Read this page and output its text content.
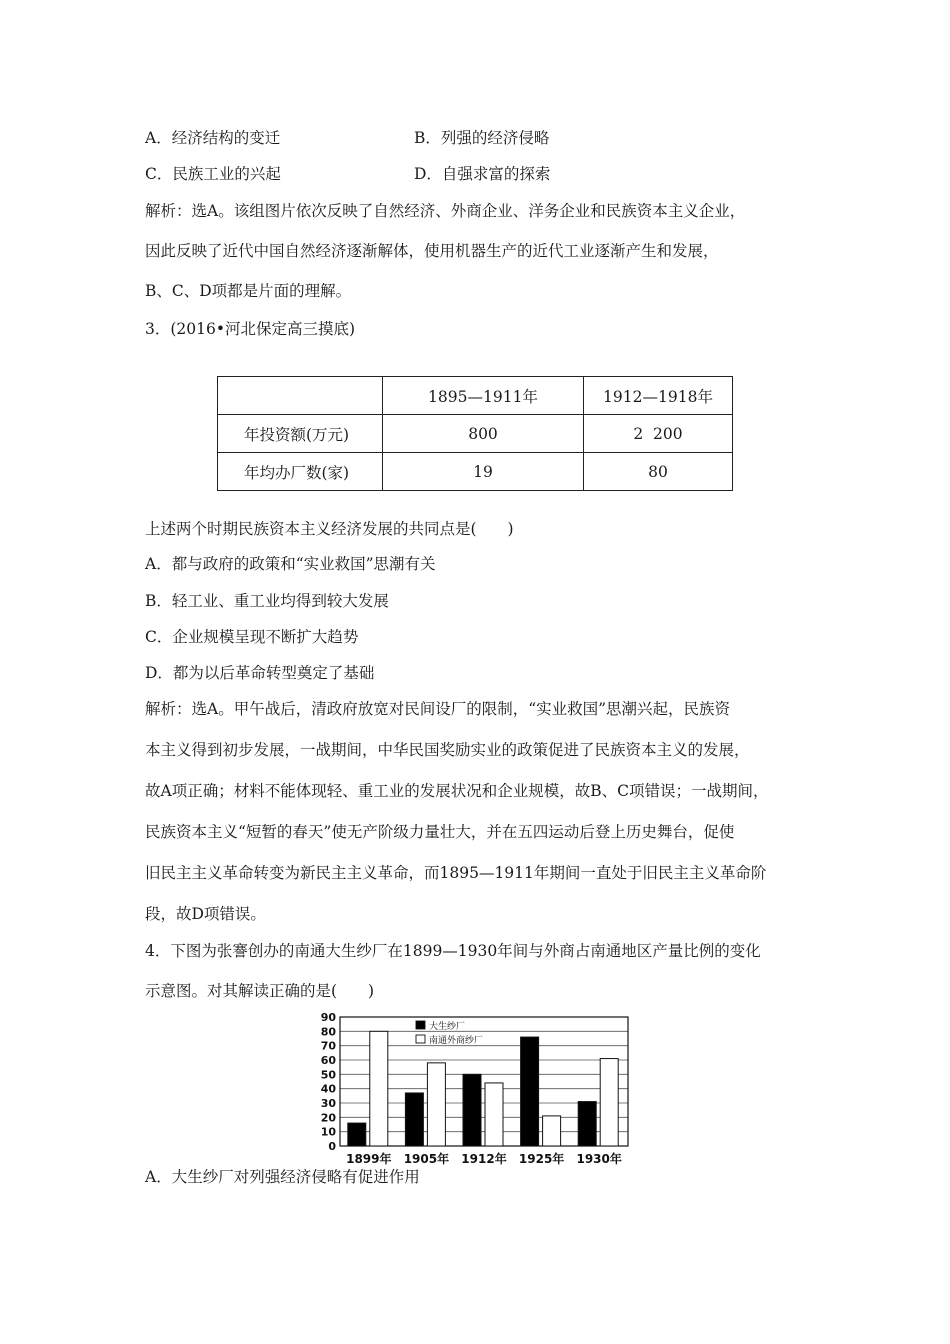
A．经济结构的变迁	B．列强的经济侵略
C．民族工业的兴起	D．自强求富的探索
解析：选A。该组图片依次反映了自然经济、外商企业、洋务企业和民族资本主义企业，
因此反映了近代中国自然经济逐渐解体，使用机器生产的近代工业逐渐产生和发展，
B、C、D项都是片面的理解。
3．(2016•河北保定高三摸底)
	1895—1911年	1912—1918年
年投资额(万元)	800	2  200
年均办厂数(家)	19	80
上述两个时期民族资本主义经济发展的共同点是(　　)
A．都与政府的政策和“实业救国”思潮有关
B．轻工业、重工业均得到较大发展
C．企业规模呈现不断扩大趋势
D．都为以后革命转型奠定了基础
解析：选A。甲午战后，清政府放宽对民间设厂的限制，“实业救国”思潮兴起，民族资
本主义得到初步发展，一战期间，中华民国奖励实业的政策促进了民族资本主义的发展，
故A项正确；材料不能体现轻、重工业的发展状况和企业规模，故B、C项错误；一战期间，
民族资本主义“短暂的春天”使无产阶级力量壮大，并在五四运动后登上历史舞台，促使
旧民主主义革命转变为新民主主义革命，而1895—1911年期间一直处于旧民主主义革命阶
段，故D项错误。
4．下图为张謇创办的南通大生纱厂在1899—1930年间与外商占南通地区产量比例的变化
示意图。对其解读正确的是(　　)
0
10
20
30
40
50
60
70
80
90
1899年 1905年 1912年 1925年 1930年
大生纱厂
南通外商纱厂
A．大生纱厂对列强经济侵略有促进作用
